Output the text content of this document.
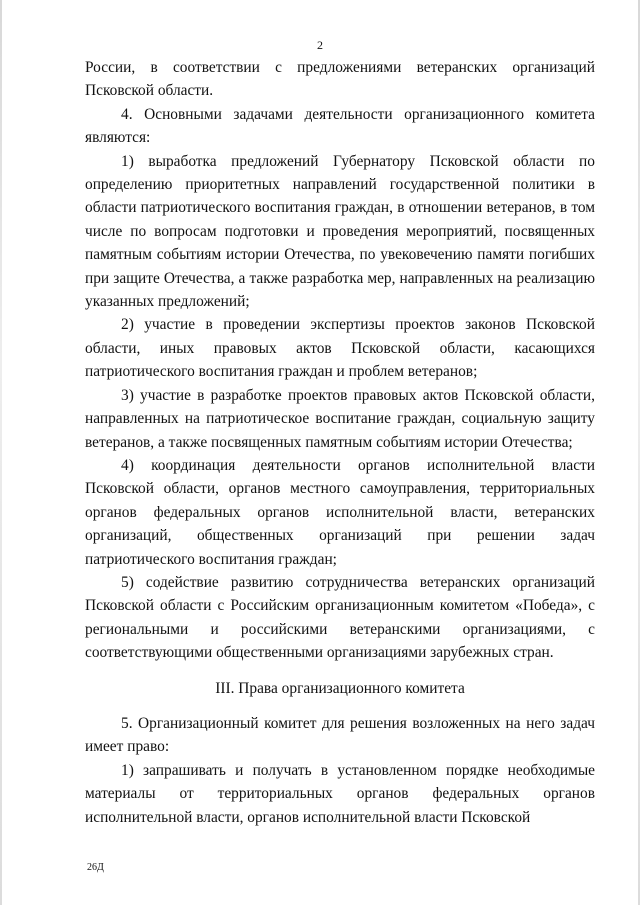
2

России, в соответствии с предложениями ветеранских организаций Псковской области.

4. Основными задачами деятельности организационного комитета являются:

1) выработка предложений Губернатору Псковской области по определению приоритетных направлений государственной политики в области патриотического воспитания граждан, в отношении ветеранов, в том числе по вопросам подготовки и проведения мероприятий, посвященных памятным событиям истории Отечества, по увековечению памяти погибших при защите Отечества, а также разработка мер, направленных на реализацию указанных предложений;

2) участие в проведении экспертизы проектов законов Псковской области, иных правовых актов Псковской области, касающихся патриотического воспитания граждан и проблем ветеранов;

3) участие в разработке проектов правовых актов Псковской области, направленных на патриотическое воспитание граждан, социальную защиту ветеранов, а также посвященных памятным событиям истории Отечества;

4) координация деятельности органов исполнительной власти Псковской области, органов местного самоуправления, территориальных органов федеральных органов исполнительной власти, ветеранских организаций, общественных организаций при решении задач патриотического воспитания граждан;

5) содействие развитию сотрудничества ветеранских организаций Псковской области с Российским организационным комитетом «Победа», с региональными и российскими ветеранскими организациями, с соответствующими общественными организациями зарубежных стран.

III. Права организационного комитета

5. Организационный комитет для решения возложенных на него задач имеет право:

1) запрашивать и получать в установленном порядке необходимые материалы от территориальных органов федеральных органов исполнительной власти, органов исполнительной власти Псковской

26Д
